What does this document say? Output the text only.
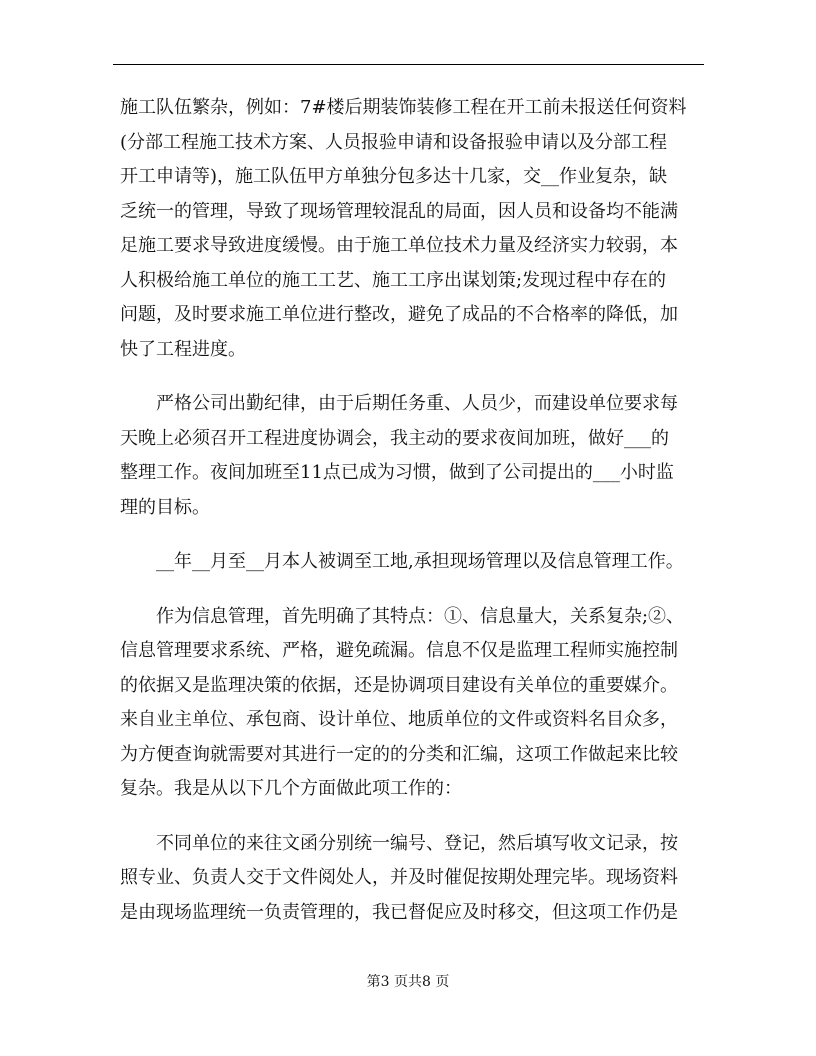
施工队伍繁杂，例如：7#楼后期装饰装修工程在开工前未报送任何资料
(分部工程施工技术方案、人员报验申请和设备报验申请以及分部工程
开工申请等)，施工队伍甲方单独分包多达十几家，交__作业复杂，缺
乏统一的管理，导致了现场管理较混乱的局面，因人员和设备均不能满
足施工要求导致进度缓慢。由于施工单位技术力量及经济实力较弱，本
人积极给施工单位的施工工艺、施工工序出谋划策;发现过程中存在的
问题，及时要求施工单位进行整改，避免了成品的不合格率的降低，加
快了工程进度。
严格公司出勤纪律，由于后期任务重、人员少，而建设单位要求每
天晚上必须召开工程进度协调会，我主动的要求夜间加班，做好___的
整理工作。夜间加班至11点已成为习惯，做到了公司提出的___小时监
理的目标。
__年__月至__月本人被调至工地,承担现场管理以及信息管理工作。
作为信息管理，首先明确了其特点：①、信息量大，关系复杂;②、
信息管理要求系统、严格，避免疏漏。信息不仅是监理工程师实施控制
的依据又是监理决策的依据，还是协调项目建设有关单位的重要媒介。
来自业主单位、承包商、设计单位、地质单位的文件或资料名目众多，
为方便查询就需要对其进行一定的的分类和汇编，这项工作做起来比较
复杂。我是从以下几个方面做此项工作的：
不同单位的来往文函分别统一编号、登记，然后填写收文记录，按
照专业、负责人交于文件阅处人，并及时催促按期处理完毕。现场资料
是由现场监理统一负责管理的，我已督促应及时移交，但这项工作仍是
第3 页共8 页
